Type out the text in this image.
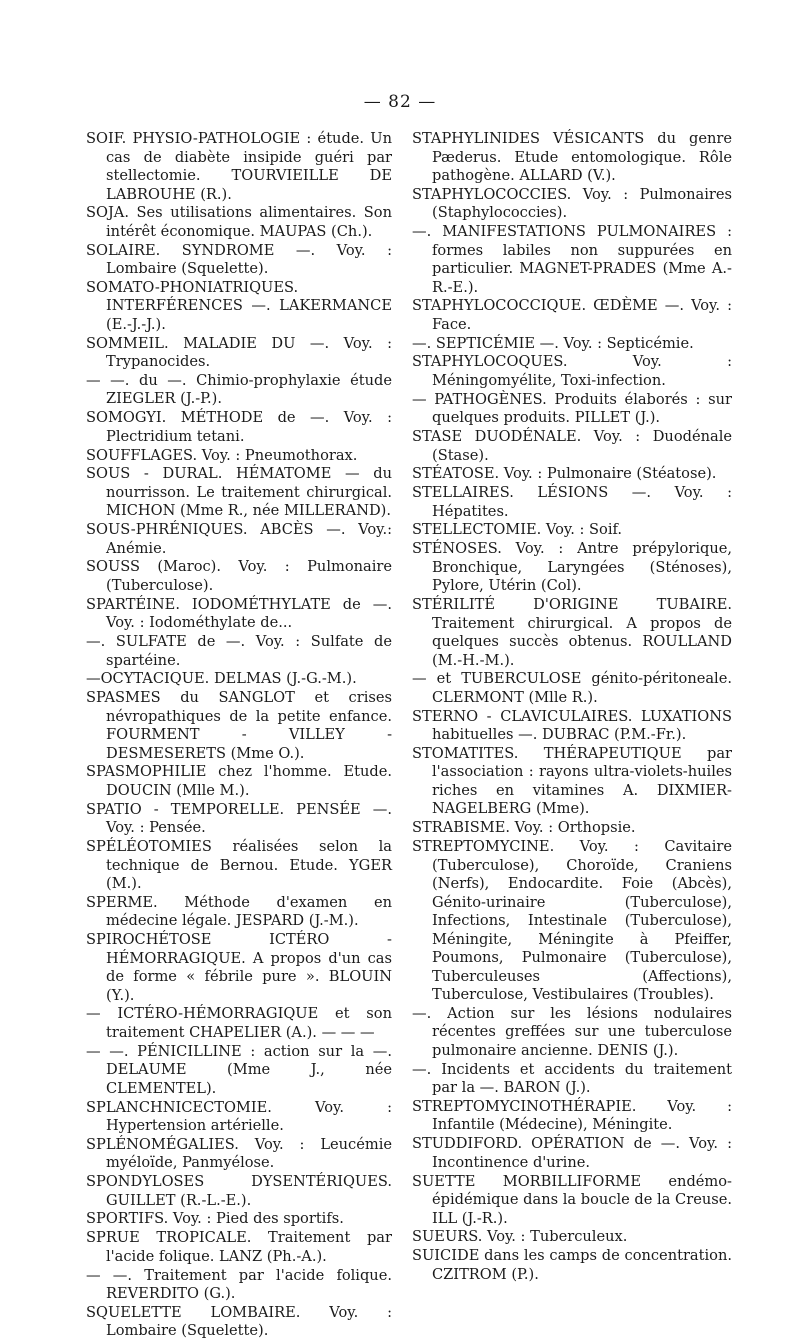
— 82 —

SOIF. PHYSIO-PATHOLOGIE : étude. Un cas de diabète insipide guéri par stellectomie. TOURVIEILLE DE LABROUHE (R.).

SOJA. Ses utilisations alimentaires. Son intérêt économique. MAUPAS (Ch.).

SOLAIRE. SYNDROME —. Voy. : Lombaire (Squelette).

SOMATO-PHONIATRIQUES. INTERFÉRENCES —. LAKERMANCE (E.-J.-J.).

SOMMEIL. MALADIE DU —. Voy. : Trypanocides.

— —. du —. Chimio-prophylaxie étude ZIEGLER (J.-P.).

SOMOGYI. MÉTHODE de —. Voy. : Plectridium tetani.

SOUFFLAGES. Voy. : Pneumothorax.

SOUS - DURAL. HÉMATOME — du nourrisson. Le traitement chirurgical. MICHON (Mme R., née MILLERAND).

SOUS-PHRÉNIQUES. ABCÈS —. Voy.: Anémie.

SOUSS (Maroc). Voy. : Pulmonaire (Tuberculose).

SPARTÉINE. IODOMÉTHYLATE de —. Voy. : Iodométhylate de...

—. SULFATE de —. Voy. : Sulfate de spartéine.

—OCYTACIQUE. DELMAS (J.-G.-M.).

SPASMES du SANGLOT et crises névropathiques de la petite enfance. FOURMENT - VILLEY - DESMESERETS (Mme O.).

SPASMOPHILIE chez l'homme. Etude. DOUCIN (Mlle M.).

SPATIO - TEMPORELLE. PENSÉE —. Voy. : Pensée.

SPÉLÉOTOMIES réalisées selon la technique de Bernou. Etude. YGER (M.).

SPERME. Méthode d'examen en médecine légale. JESPARD (J.-M.).

SPIROCHÉTOSE ICTÉRO - HÉMORRAGIQUE. A propos d'un cas de forme « fébrile pure ». BLOUIN (Y.).

— ICTÉRO-HÉMORRAGIQUE et son traitement CHAPELIER (A.). — — —

— —. PÉNICILLINE : action sur la —. DELAUME (Mme J., née CLEMENTEL).

SPLANCHNICECTOMIE. Voy. : Hypertension artérielle.

SPLÉNOMÉGALIES. Voy. : Leucémie myéloïde, Panmyélose.

SPONDYLOSES DYSENTÉRIQUES. GUILLET (R.-L.-E.).

SPORTIFS. Voy. : Pied des sportifs.

SPRUE TROPICALE. Traitement par l'acide folique. LANZ (Ph.-A.).

— —. Traitement par l'acide folique. REVERDITO (G.).

SQUELETTE LOMBAIRE. Voy. : Lombaire (Squelette).

STAPHYLINIDES VÉSICANTS du genre Pæderus. Etude entomologique. Rôle pathogène. ALLARD (V.).

STAPHYLOCOCCIES. Voy. : Pulmonaires (Staphylococcies).

—. MANIFESTATIONS PULMONAIRES : formes labiles non suppurées en particulier. MAGNET-PRADES (Mme A.-R.-E.).

STAPHYLOCOCCIQUE. ŒDÈME —. Voy. : Face.

—. SEPTICÉMIE —. Voy. : Septicémie.

STAPHYLOCOQUES. Voy. : Méningomyélite, Toxi-infection.

— PATHOGÈNES. Produits élaborés : sur quelques produits. PILLET (J.).

STASE DUODÉNALE. Voy. : Duodénale (Stase).

STÉATOSE. Voy. : Pulmonaire (Stéatose).

STELLAIRES. LÉSIONS —. Voy. : Hépatites.

STELLECTOMIE. Voy. : Soif.

STÉNOSES. Voy. : Antre prépylorique, Bronchique, Laryngées (Sténoses), Pylore, Utérin (Col).

STÉRILITÉ D'ORIGINE TUBAIRE. Traitement chirurgical. A propos de quelques succès obtenus. ROULLAND (M.-H.-M.).

— et TUBERCULOSE génito-péritoneale. CLERMONT (Mlle R.).

STERNO - CLAVICULAIRES. LUXATIONS habituelles —. DUBRAC (P.M.-Fr.).

STOMATITES. THÉRAPEUTIQUE par l'association : rayons ultra-violets-huiles riches en vitamines A. DIXMIER-NAGELBERG (Mme).

STRABISME. Voy. : Orthopsie.

STREPTOMYCINE. Voy. : Cavitaire (Tuberculose), Choroïde, Craniens (Nerfs), Endocardite. Foie (Abcès), Génito-urinaire (Tuberculose), Infections, Intestinale (Tuberculose), Méningite, Méningite à Pfeiffer, Poumons, Pulmonaire (Tuberculose), Tuberculeuses (Affections), Tuberculose, Vestibulaires (Troubles).

—. Action sur les lésions nodulaires récentes greffées sur une tuberculose pulmonaire ancienne. DENIS (J.).

—. Incidents et accidents du traitement par la —. BARON (J.).

STREPTOMYCINOTHÉRAPIE. Voy. : Infantile (Médecine), Méningite.

STUDDIFORD. OPÉRATION de —. Voy. : Incontinence d'urine.

SUETTE MORBILLIFORME endémo-épidémique dans la boucle de la Creuse. ILL (J.-R.).

SUEURS. Voy. : Tuberculeux.

SUICIDE dans les camps de concentration. CZITROM (P.).
